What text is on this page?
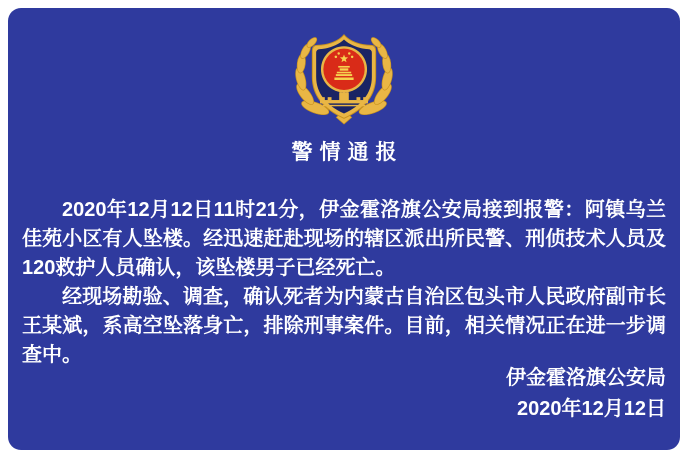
警情通报

2020年12月12日11时21分，伊金霍洛旗公安局接到报警：阿镇乌兰佳苑小区有人坠楼。经迅速赶赴现场的辖区派出所民警、刑侦技术人员及120救护人员确认，该坠楼男子已经死亡。

经现场勘验、调查，确认死者为内蒙古自治区包头市人民政府副市长王某斌，系高空坠落身亡，排除刑事案件。目前，相关情况正在进一步调查中。

伊金霍洛旗公安局
2020年12月12日
